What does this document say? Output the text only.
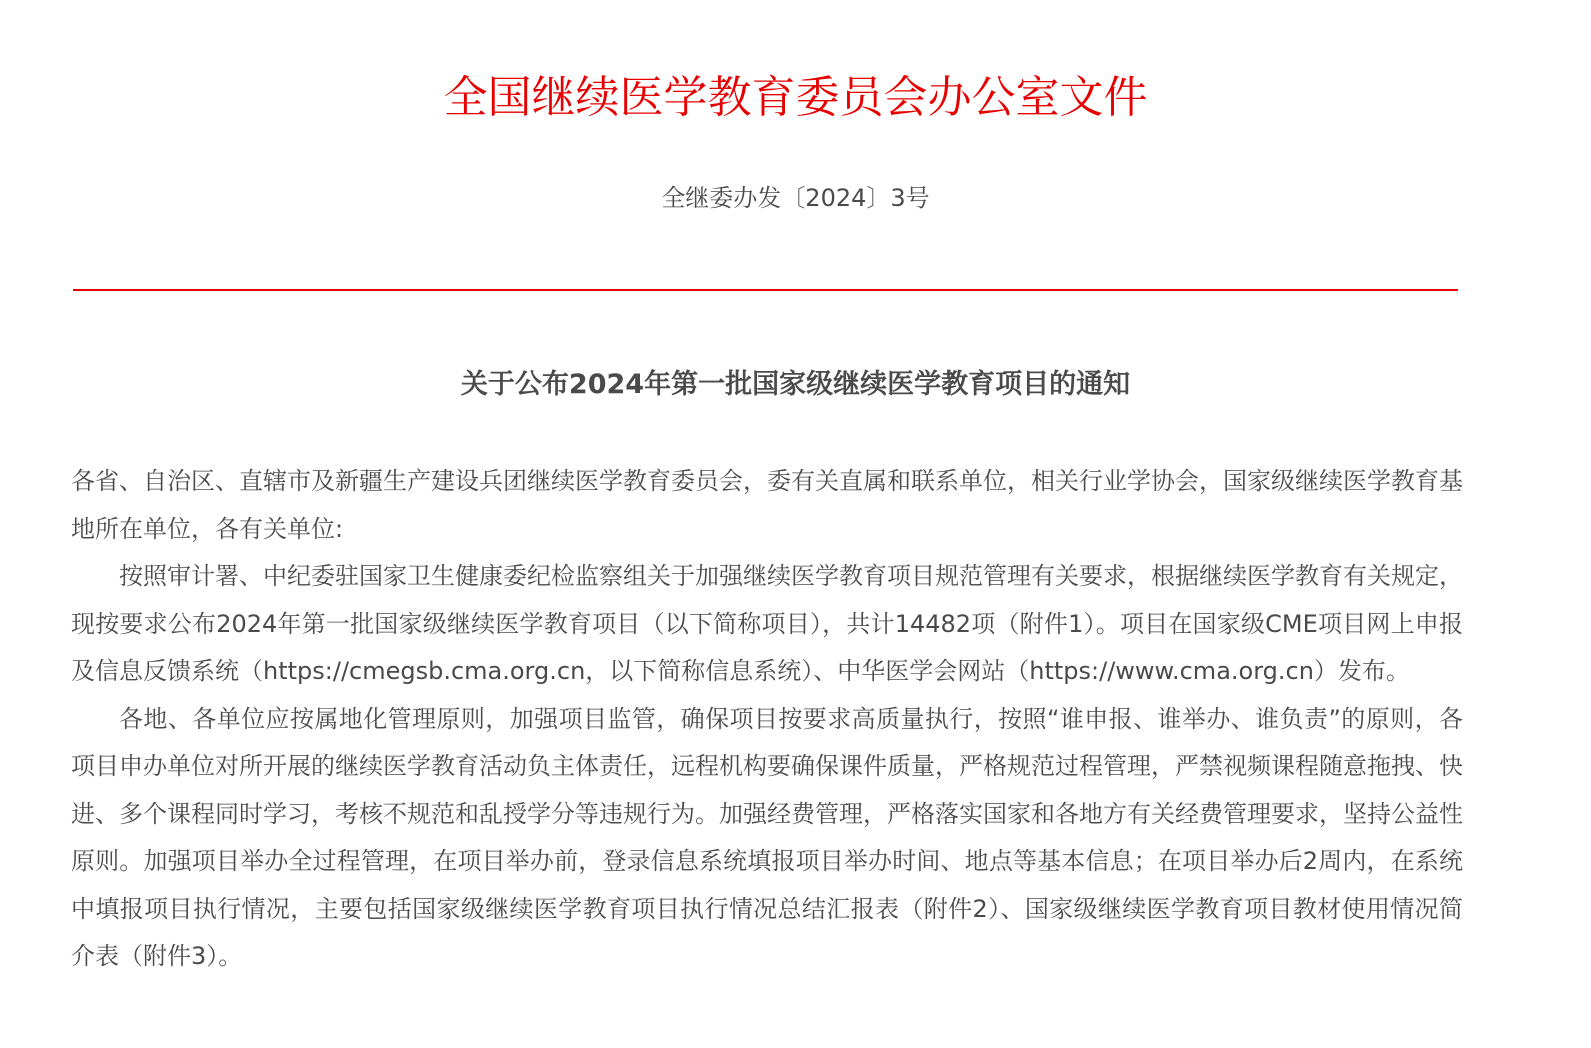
全国继续医学教育委员会办公室文件
全继委办发〔2024〕3号
关于公布2024年第一批国家级继续医学教育项目的通知

各省、自治区、直辖市及新疆生产建设兵团继续医学教育委员会，委有关直属和联系单位，相关行业学协会，国家级继续医学教育基地所在单位，各有关单位:

按照审计署、中纪委驻国家卫生健康委纪检监察组关于加强继续医学教育项目规范管理有关要求，根据继续医学教育有关规定，现按要求公布2024年第一批国家级继续医学教育项目（以下简称项目），共计14482项（附件1）。项目在国家级CME项目网上申报及信息反馈系统（https://cmegsb.cma.org.cn，以下简称信息系统）、中华医学会网站（https://www.cma.org.cn）发布。

各地、各单位应按属地化管理原则，加强项目监管，确保项目按要求高质量执行，按照“谁申报、谁举办、谁负责”的原则，各项目申办单位对所开展的继续医学教育活动负主体责任，远程机构要确保课件质量，严格规范过程管理，严禁视频课程随意拖拽、快进、多个课程同时学习，考核不规范和乱授学分等违规行为。加强经费管理，严格落实国家和各地方有关经费管理要求，坚持公益性原则。加强项目举办全过程管理，在项目举办前，登录信息系统填报项目举办时间、地点等基本信息；在项目举办后2周内，在系统中填报项目执行情况，主要包括国家级继续医学教育项目执行情况总结汇报表（附件2）、国家级继续医学教育项目教材使用情况简介表（附件3）。
